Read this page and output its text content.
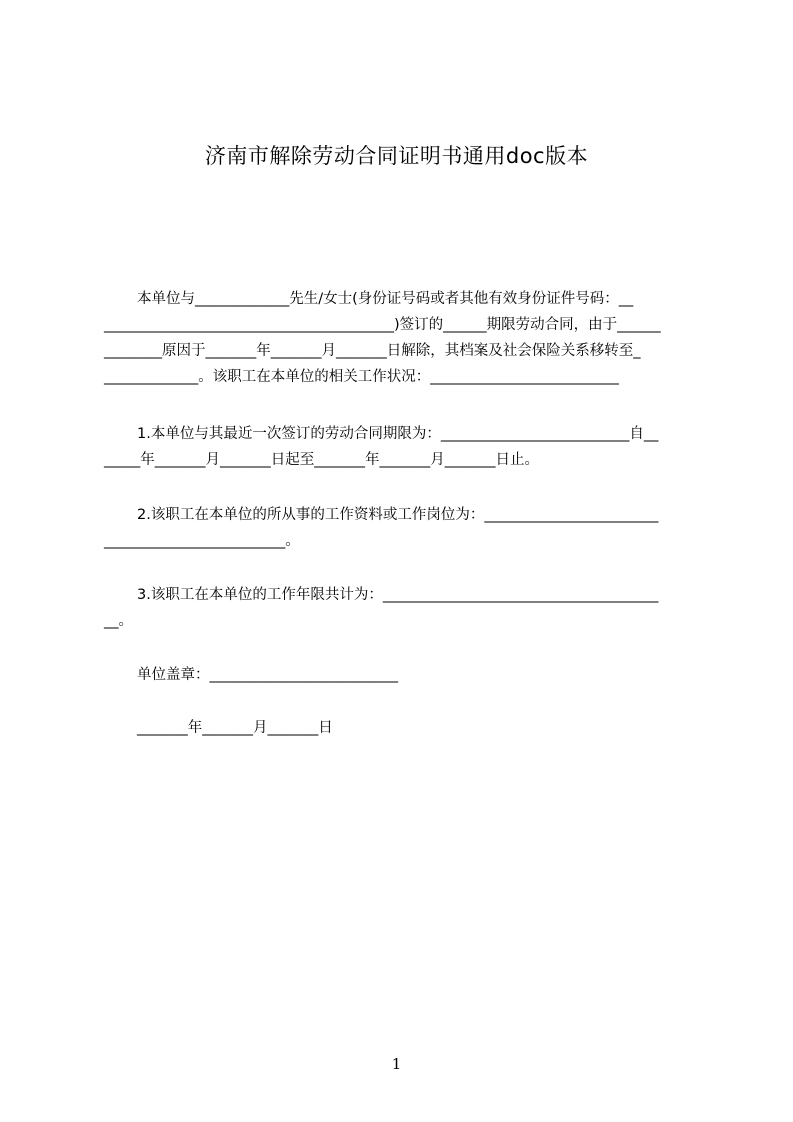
济南市解除劳动合同证明书通用doc版本
本单位与_____________先生/女士(身份证号码或者其他有效身份证件号码：__
________________________________________)签订的______期限劳动合同，由于______
________原因于_______年_______月_______日解除，其档案及社会保险关系移转至_
_____________。该职工在本单位的相关工作状况：__________________________
1.本单位与其最近一次签订的劳动合同期限为：__________________________自__
_____年_______月_______日起至_______年_______月_______日止。
2.该职工在本单位的所从事的工作资料或工作岗位为：________________________
_________________________。
3.该职工在本单位的工作年限共计为：______________________________________
__。
单位盖章：__________________________
_______年_______月_______日
1
